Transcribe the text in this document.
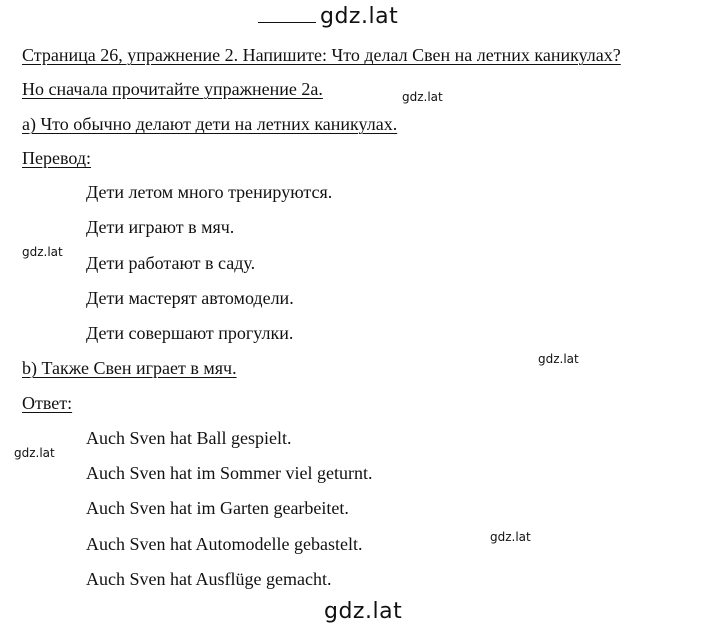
gdz.lat
Страница 26, упражнение 2. Напишите: Что делал Свен на летних каникулах?
Но сначала прочитайте упражнение 2а.	gdz.lat
а) Что обычно делают дети на летних каникулах.
Перевод:
Дети летом много тренируются.
Дети играют в мяч.
gdz.lat
Дети работают в саду.
Дети мастерят автомодели.
Дети совершают прогулки.
gdz.lat
b) Также Свен играет в мяч.
Ответ:
Auch Sven hat Ball gespielt.
gdz.lat
Auch Sven hat im Sommer viel geturnt.
Auch Sven hat im Garten gearbeitet.
gdz.lat
Auch Sven hat Automodelle gebastelt.
Auch Sven hat Ausflüge gemacht.
gdz.lat
